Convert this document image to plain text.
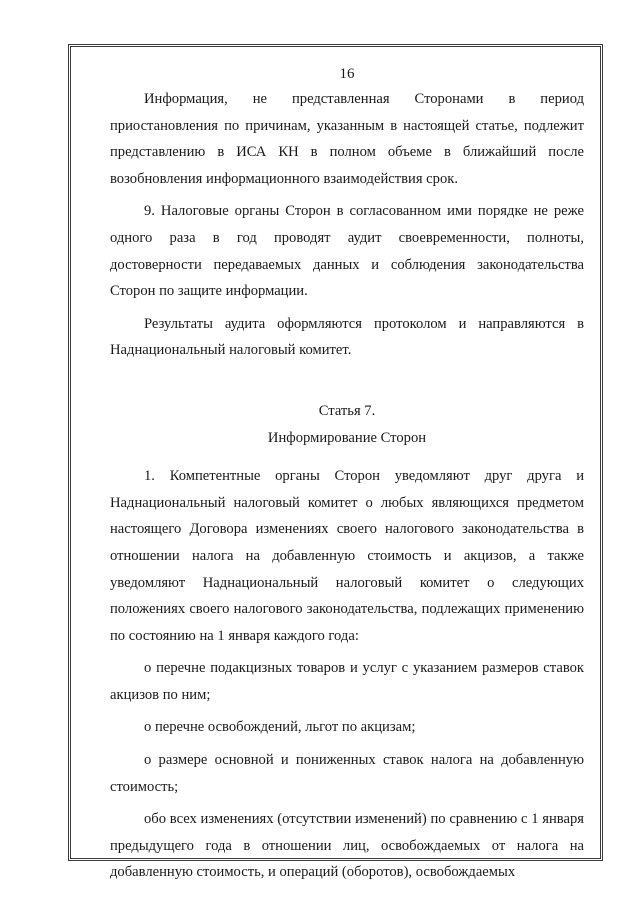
16

Информация, не представленная Сторонами в период приостановления по причинам, указанным в настоящей статье, подлежит представлению в ИСА КН в полном объеме в ближайший после возобновления информационного взаимодействия срок.

9. Налоговые органы Сторон в согласованном ими порядке не реже одного раза в год проводят аудит своевременности, полноты, достоверности передаваемых данных и соблюдения законодательства Сторон по защите информации.

Результаты аудита оформляются протоколом и направляются в Наднациональный налоговый комитет.

Статья 7.
Информирование Сторон

1. Компетентные органы Сторон уведомляют друг друга и Наднациональный налоговый комитет о любых являющихся предметом настоящего Договора изменениях своего налогового законодательства в отношении налога на добавленную стоимость и акцизов, а также уведомляют Наднациональный налоговый комитет о следующих положениях своего налогового законодательства, подлежащих применению по состоянию на 1 января каждого года:

о перечне подакцизных товаров и услуг с указанием размеров ставок акцизов по ним;

о перечне освобождений, льгот по акцизам;

о размере основной и пониженных ставок налога на добавленную стоимость;

обо всех изменениях (отсутствии изменений) по сравнению с 1 января предыдущего года в отношении лиц, освобождаемых от налога на добавленную стоимость, и операций (оборотов), освобождаемых
